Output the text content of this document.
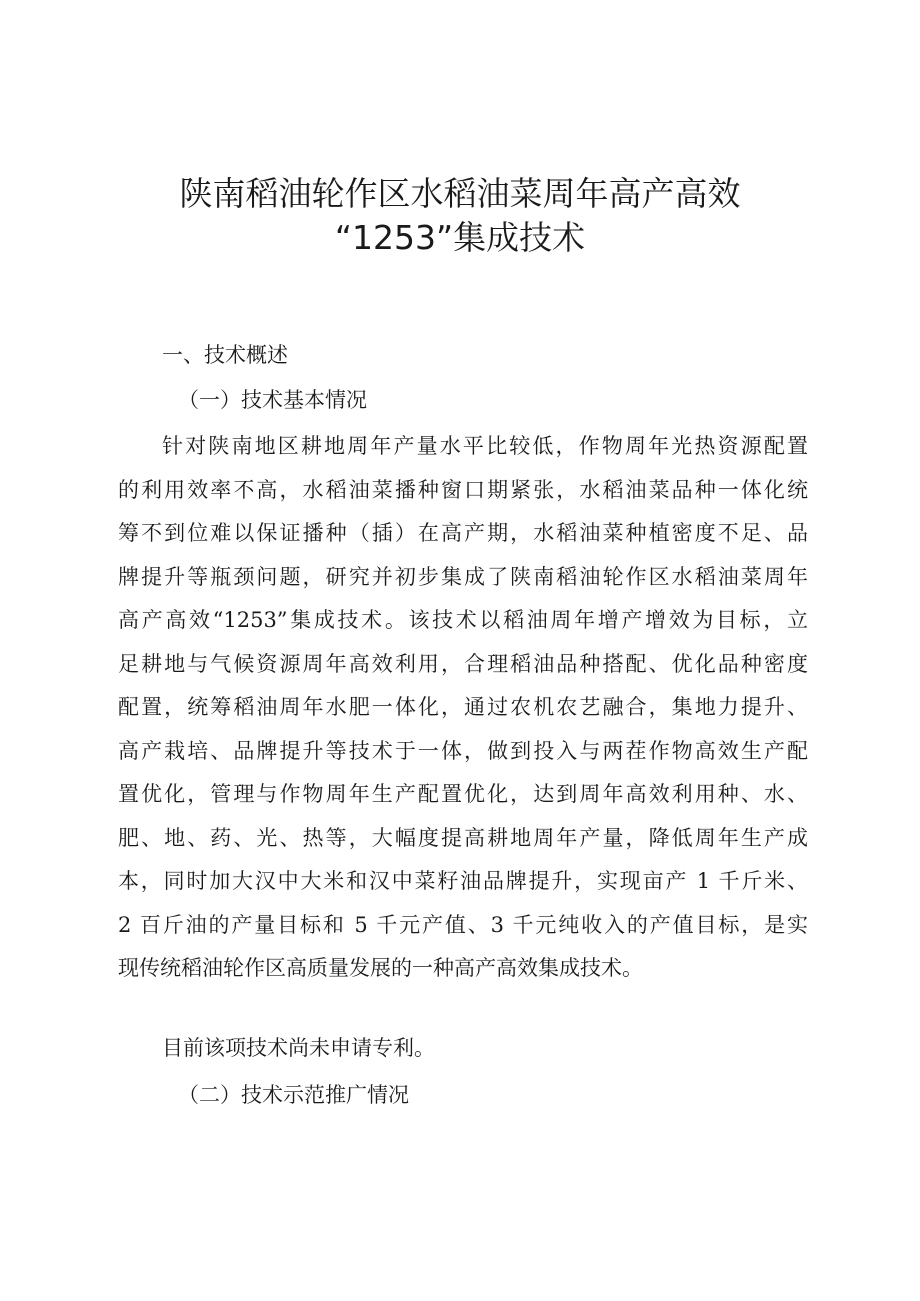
陕南稻油轮作区水稻油菜周年高产高效
“1253”集成技术

一、技术概述

（一）技术基本情况

针对陕南地区耕地周年产量水平比较低，作物周年光热资源配置
的利用效率不高，水稻油菜播种窗口期紧张，水稻油菜品种一体化统
筹不到位难以保证播种（插）在高产期，水稻油菜种植密度不足、品
牌提升等瓶颈问题，研究并初步集成了陕南稻油轮作区水稻油菜周年
高产高效“1253”集成技术。该技术以稻油周年增产增效为目标，立
足耕地与气候资源周年高效利用，合理稻油品种搭配、优化品种密度
配置，统筹稻油周年水肥一体化，通过农机农艺融合，集地力提升、
高产栽培、品牌提升等技术于一体，做到投入与两茬作物高效生产配
置优化，管理与作物周年生产配置优化，达到周年高效利用种、水、
肥、地、药、光、热等，大幅度提高耕地周年产量，降低周年生产成
本，同时加大汉中大米和汉中菜籽油品牌提升，实现亩产 1 千斤米、
2 百斤油的产量目标和 5 千元产值、3 千元纯收入的产值目标，是实
现传统稻油轮作区高质量发展的一种高产高效集成技术。

目前该项技术尚未申请专利。

（二）技术示范推广情况
